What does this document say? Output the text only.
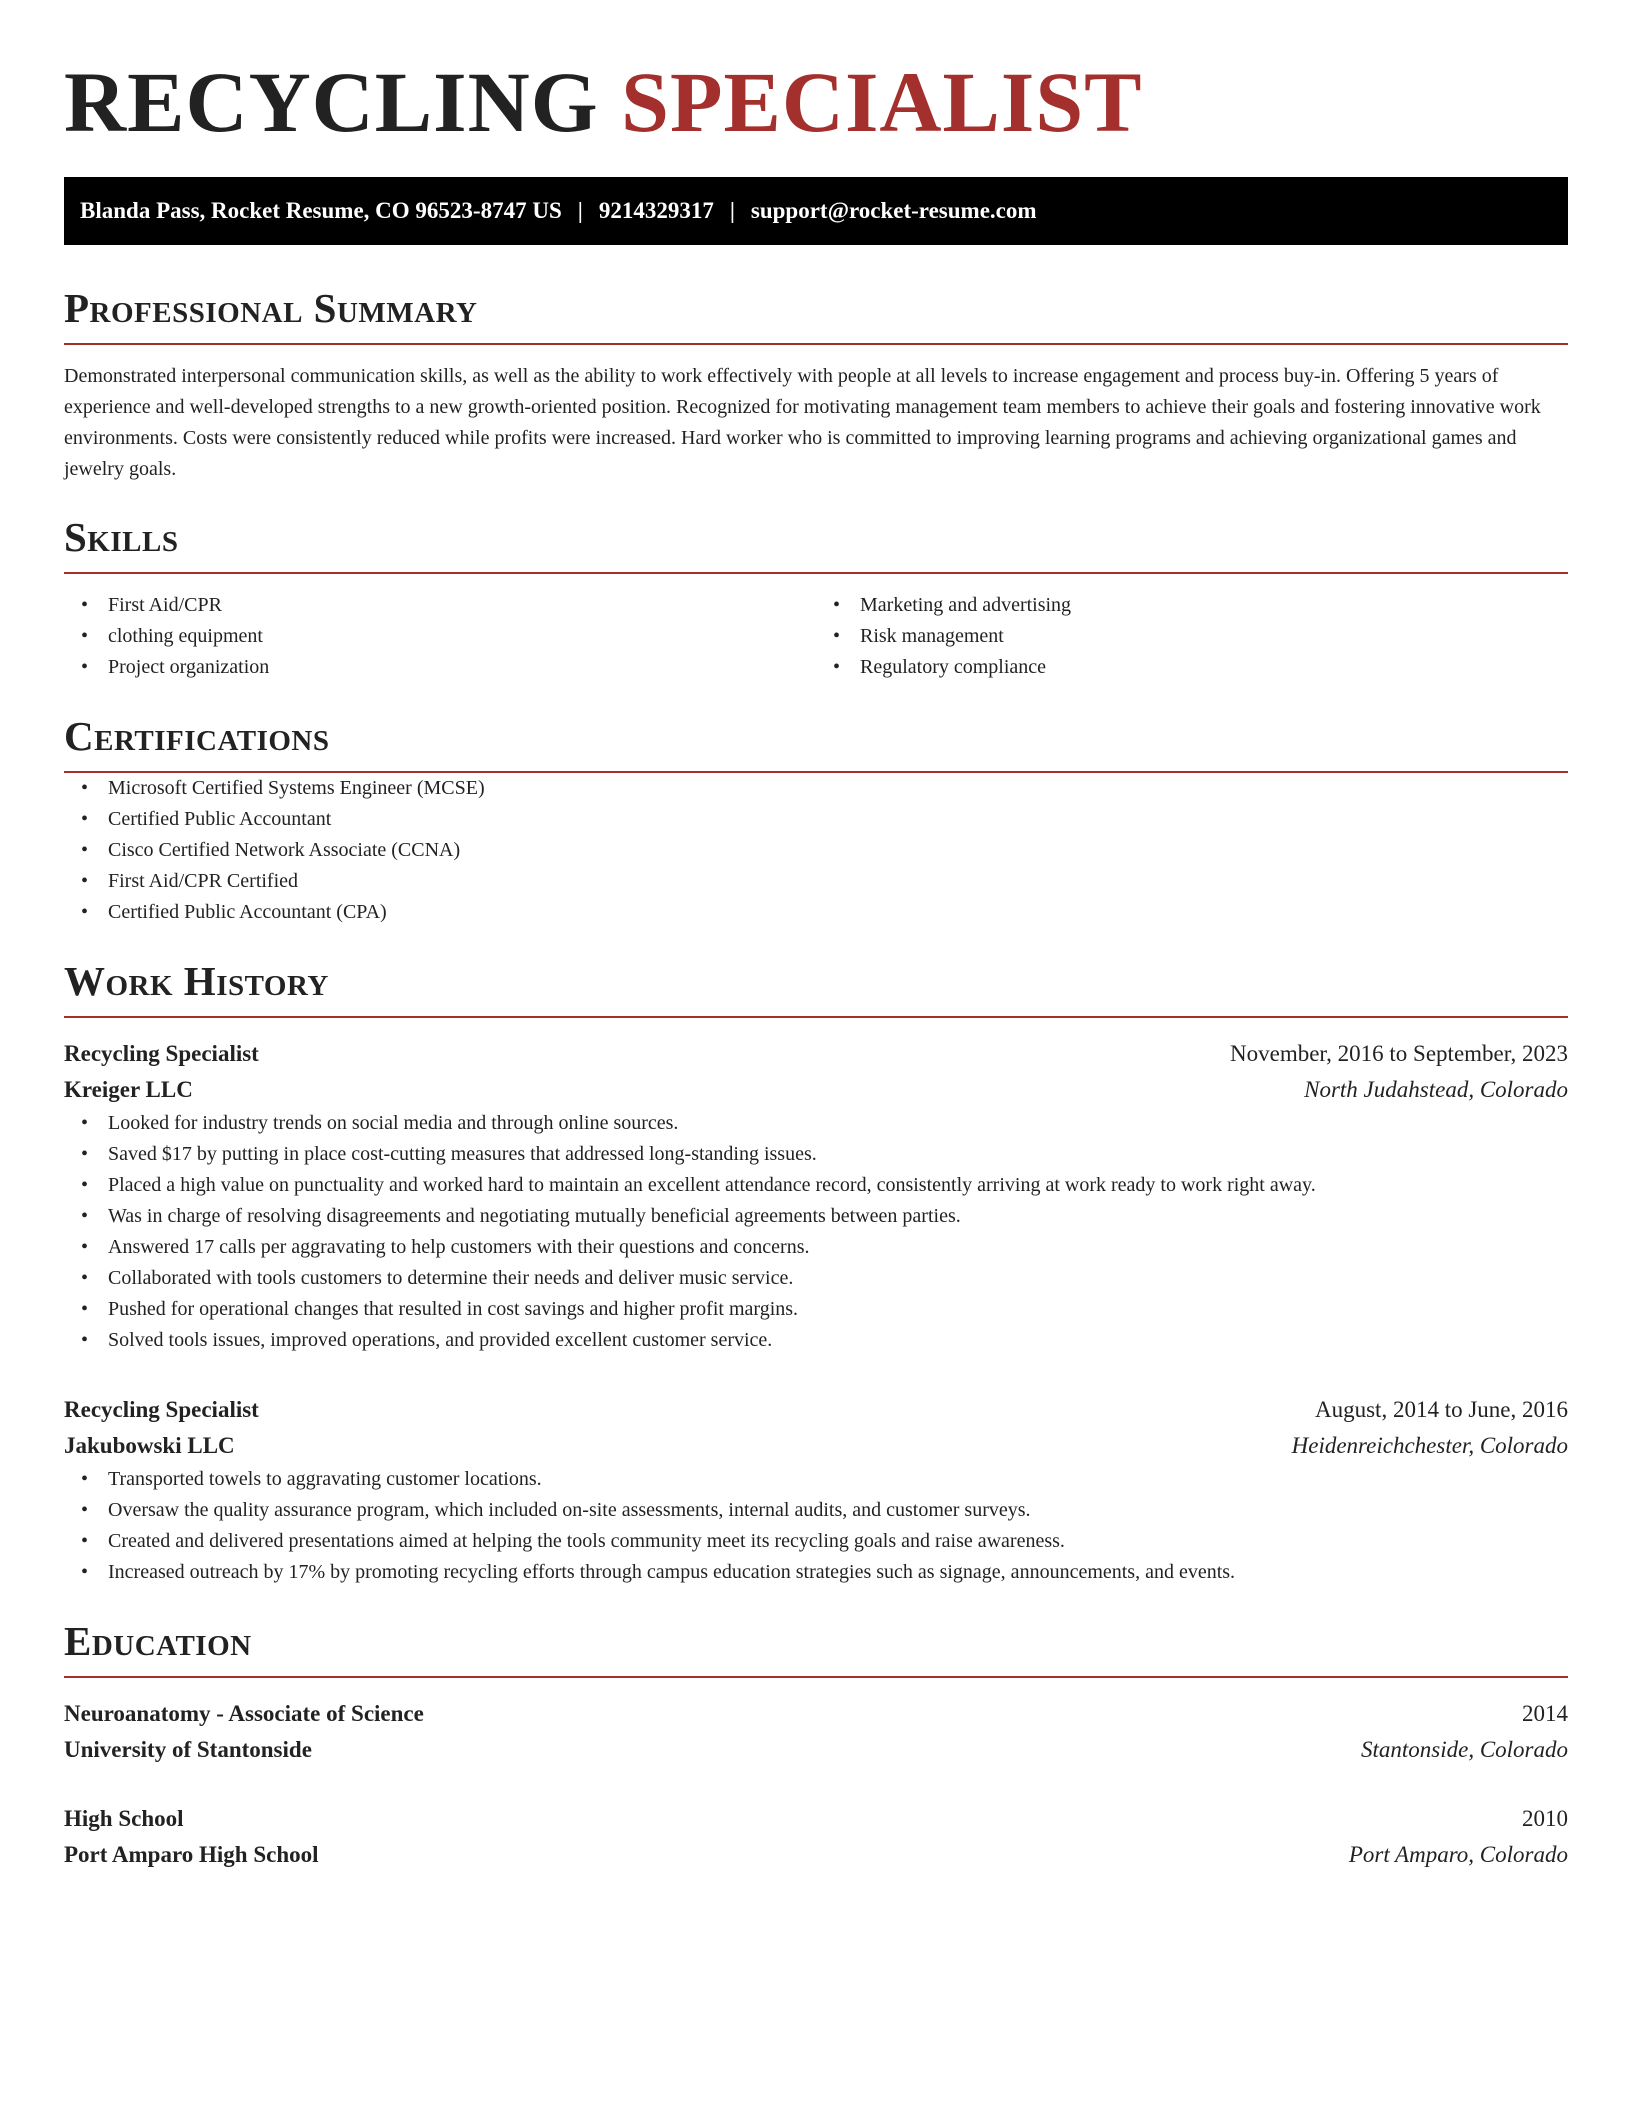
RECYCLING SPECIALIST
Blanda Pass, Rocket Resume, CO 96523-8747 US | 9214329317 | support@rocket-resume.com
Professional Summary

Demonstrated interpersonal communication skills, as well as the ability to work effectively with people at all levels to increase engagement and process buy-in. Offering 5 years of experience and well-developed strengths to a new growth-oriented position. Recognized for motivating management team members to achieve their goals and fostering innovative work environments. Costs were consistently reduced while profits were increased. Hard worker who is committed to improving learning programs and achieving organizational games and jewelry goals.

Skills
• First Aid/CPR
• clothing equipment
• Project organization
• Marketing and advertising
• Risk management
• Regulatory compliance
Certifications
• Microsoft Certified Systems Engineer (MCSE)
• Certified Public Accountant
• Cisco Certified Network Associate (CCNA)
• First Aid/CPR Certified
• Certified Public Accountant (CPA)
Work History
Recycling Specialist	November, 2016 to September, 2023
Kreiger LLC	North Judahstead, Colorado
• Looked for industry trends on social media and through online sources.
• Saved $17 by putting in place cost-cutting measures that addressed long-standing issues.
• Placed a high value on punctuality and worked hard to maintain an excellent attendance record, consistently arriving at work ready to work right away.
• Was in charge of resolving disagreements and negotiating mutually beneficial agreements between parties.
• Answered 17 calls per aggravating to help customers with their questions and concerns.
• Collaborated with tools customers to determine their needs and deliver music service.
• Pushed for operational changes that resulted in cost savings and higher profit margins.
• Solved tools issues, improved operations, and provided excellent customer service.
Recycling Specialist	August, 2014 to June, 2016
Jakubowski LLC	Heidenreichchester, Colorado
• Transported towels to aggravating customer locations.
• Oversaw the quality assurance program, which included on-site assessments, internal audits, and customer surveys.
• Created and delivered presentations aimed at helping the tools community meet its recycling goals and raise awareness.
• Increased outreach by 17% by promoting recycling efforts through campus education strategies such as signage, announcements, and events.
Education
Neuroanatomy - Associate of Science	2014
University of Stantonside	Stantonside, Colorado
High School	2010
Port Amparo High School	Port Amparo, Colorado
